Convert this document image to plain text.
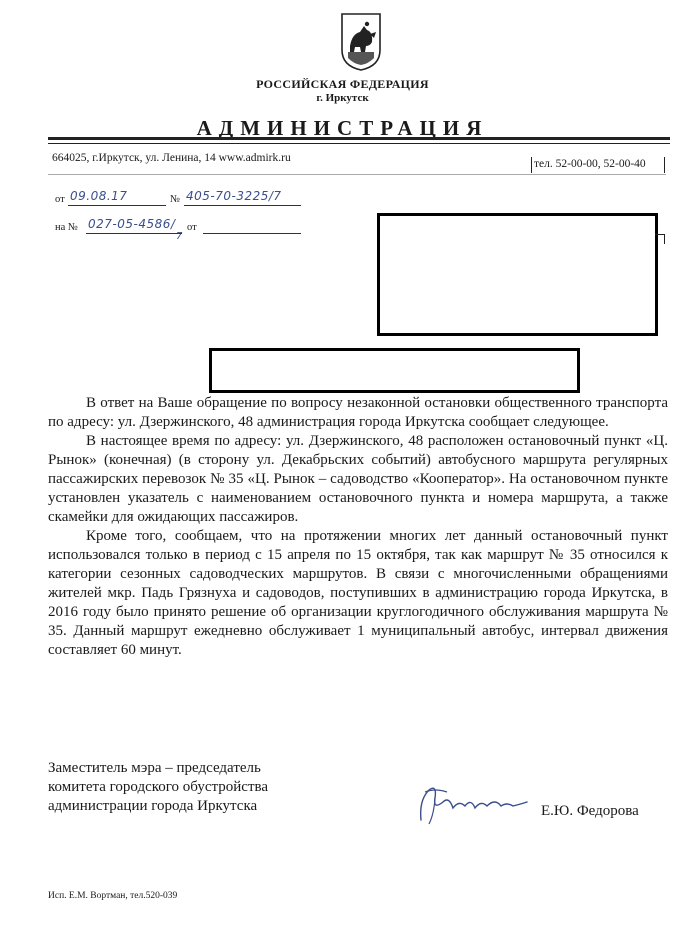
РОССИЙСКАЯ ФЕДЕРАЦИЯ
г. Иркутск
АДМИНИСТРАЦИЯ
664025, г.Иркутск, ул. Ленина, 14 www.admirk.ru	тел. 52-00-00, 52-00-40
от 09.08.17	№ 405-70-3225/7
на № 027-05-4586/
7
от

В ответ на Ваше обращение по вопросу незаконной остановки общественного транспорта по адресу: ул. Дзержинского, 48 администрация города Иркутска сообщает следующее.

В настоящее время по адресу: ул. Дзержинского, 48 расположен остановочный пункт «Ц. Рынок» (конечная) (в сторону ул. Декабрьских событий) автобусного маршрута регулярных пассажирских перевозок № 35 «Ц. Рынок – садоводство «Кооператор». На остановочном пункте установлен указатель с наименованием остановочного пункта и номера маршрута, а также скамейки для ожидающих пассажиров.

Кроме того, сообщаем, что на протяжении многих лет данный остановочный пункт использовался только в период с 15 апреля по 15 октября, так как маршрут № 35 относился к категории сезонных садоводческих маршрутов. В связи с многочисленными обращениями жителей мкр. Падь Грязнуха и садоводов, поступивших в администрацию города Иркутска, в 2016 году было принято решение об организации круглогодичного обслуживания маршрута № 35. Данный маршрут ежедневно обслуживает 1 муниципальный автобус, интервал движения составляет 60 минут.

Заместитель мэра – председатель
комитета городского обустройства
администрации города Иркутска	Е.Ю. Федорова
Исп. Е.М. Вортман, тел.520-039
